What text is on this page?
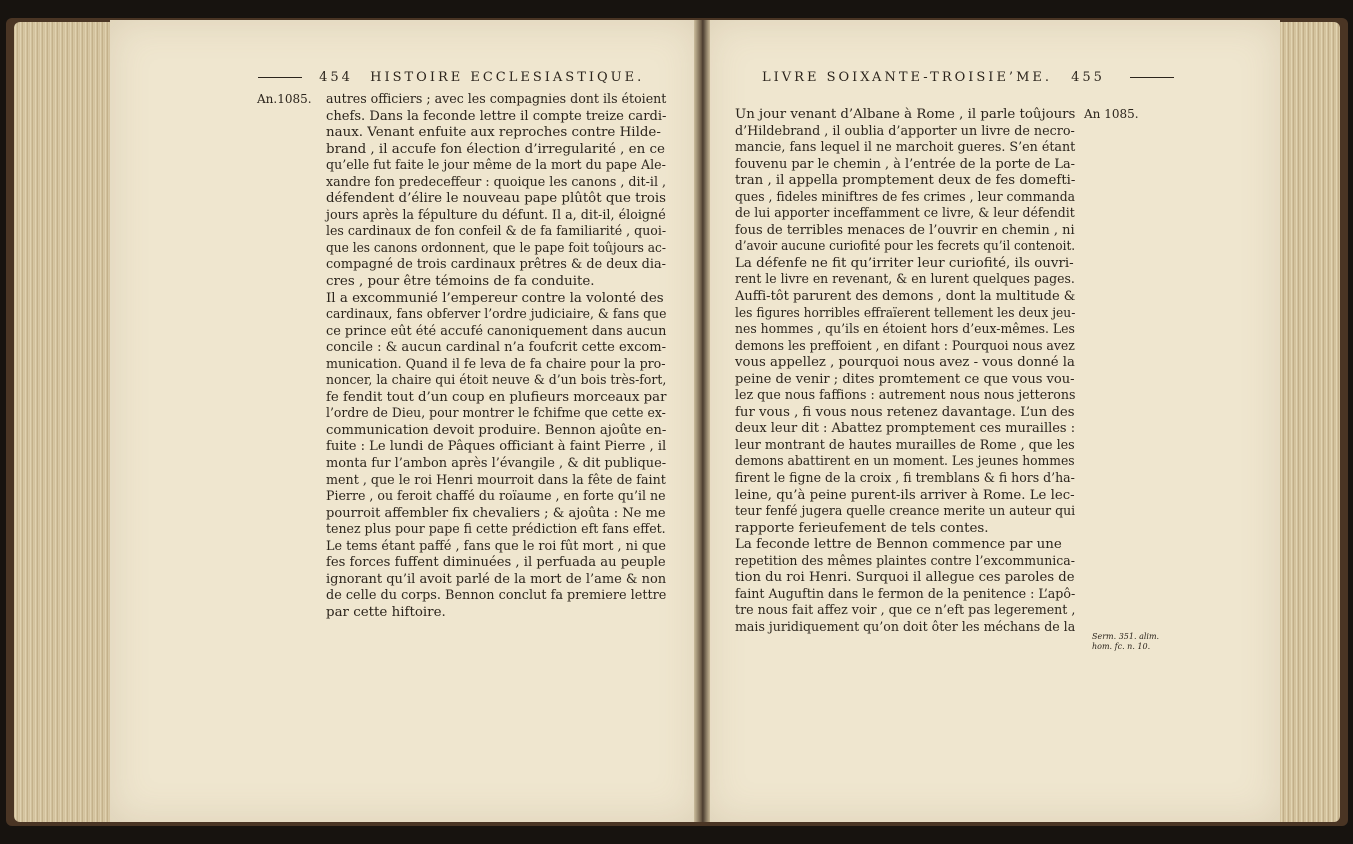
454 HISTOIRE ECCLESIASTIQUE.
An.1085. autres officiers ; avec les compagnies dont ils étoient
chefs. Dans la feconde lettre il compte treize cardi-
naux. Venant enfuite aux reproches contre Hilde-
brand , il accufe fon élection d’irregularité , en ce
qu’elle fut faite le jour même de la mort du pape Ale-
xandre fon predeceffeur : quoique les canons , dit-il ,
défendent d’élire le nouveau pape plûtôt que trois
jours après la fépulture du défunt. Il a, dit-il, éloigné
les cardinaux de fon confeil & de fa familiarité , quoi-
que les canons ordonnent, que le pape foit toûjours ac-
compagné de trois cardinaux prêtres & de deux dia-
cres , pour être témoins de fa conduite.
Il a excommunié l’empereur contre la volonté des
cardinaux, fans obferver l’ordre judiciaire, & fans que
ce prince eût été accufé canoniquement dans aucun
concile : & aucun cardinal n’a foufcrit cette excom-
munication. Quand il fe leva de fa chaire pour la pro-
noncer, la chaire qui étoit neuve & d’un bois très-fort,
fe fendit tout d’un coup en plufieurs morceaux par
l’ordre de Dieu, pour montrer le fchifme que cette ex-
communication devoit produire. Bennon ajoûte en-
fuite : Le lundi de Pâques officiant à faint Pierre , il
monta fur l’ambon après l’évangile , & dit publique-
ment , que le roi Henri mourroit dans la fête de faint
Pierre , ou feroit chaffé du roïaume , en forte qu’il ne
pourroit affembler fix chevaliers ; & ajoûta : Ne me
tenez plus pour pape fi cette prédiction eft fans effet.
Le tems étant paffé , fans que le roi fût mort , ni que
fes forces fuffent diminuées , il perfuada au peuple
ignorant qu’il avoit parlé de la mort de l’ame & non
de celle du corps. Bennon conclut fa premiere lettre
par cette hiftoire.
LIVRE SOIXANTE-TROISIE’ME. 455
An 1085.
Serm. 351. alim.
hom. fc. n. 10.
Un jour venant d’Albane à Rome , il parle toûjours
d’Hildebrand , il oublia d’apporter un livre de necro-
mancie, fans lequel il ne marchoit gueres. S’en étant
fouvenu par le chemin , à l’entrée de la porte de La-
tran , il appella promptement deux de fes domefti-
ques , fideles miniftres de fes crimes , leur commanda
de lui apporter inceffamment ce livre, & leur défendit
fous de terribles menaces de l’ouvrir en chemin , ni
d’avoir aucune curiofité pour les fecrets qu’il contenoit.
La défenfe ne fit qu’irriter leur curiofité, ils ouvri-
rent le livre en revenant, & en lurent quelques pages.
Auffi-tôt parurent des demons , dont la multitude &
les figures horribles effraïerent tellement les deux jeu-
nes hommes , qu’ils en étoient hors d’eux-mêmes. Les
demons les preffoient , en difant : Pourquoi nous avez
vous appellez , pourquoi nous avez - vous donné la
peine de venir ; dites promtement ce que vous vou-
lez que nous faffions : autrement nous nous jetterons
fur vous , fi vous nous retenez davantage. L’un des
deux leur dit : Abattez promptement ces murailles :
leur montrant de hautes murailles de Rome , que les
demons abattirent en un moment. Les jeunes hommes
firent le figne de la croix , fi tremblans & fi hors d’ha-
leine, qu’à peine purent-ils arriver à Rome. Le lec-
teur fenfé jugera quelle creance merite un auteur qui
rapporte ferieufement de tels contes.
La feconde lettre de Bennon commence par une
repetition des mêmes plaintes contre l’excommunica-
tion du roi Henri. Surquoi il allegue ces paroles de
faint Auguftin dans le fermon de la penitence : L’apô-
tre nous fait affez voir , que ce n’eft pas legerement ,
mais juridiquement qu’on doit ôter les méchans de la
